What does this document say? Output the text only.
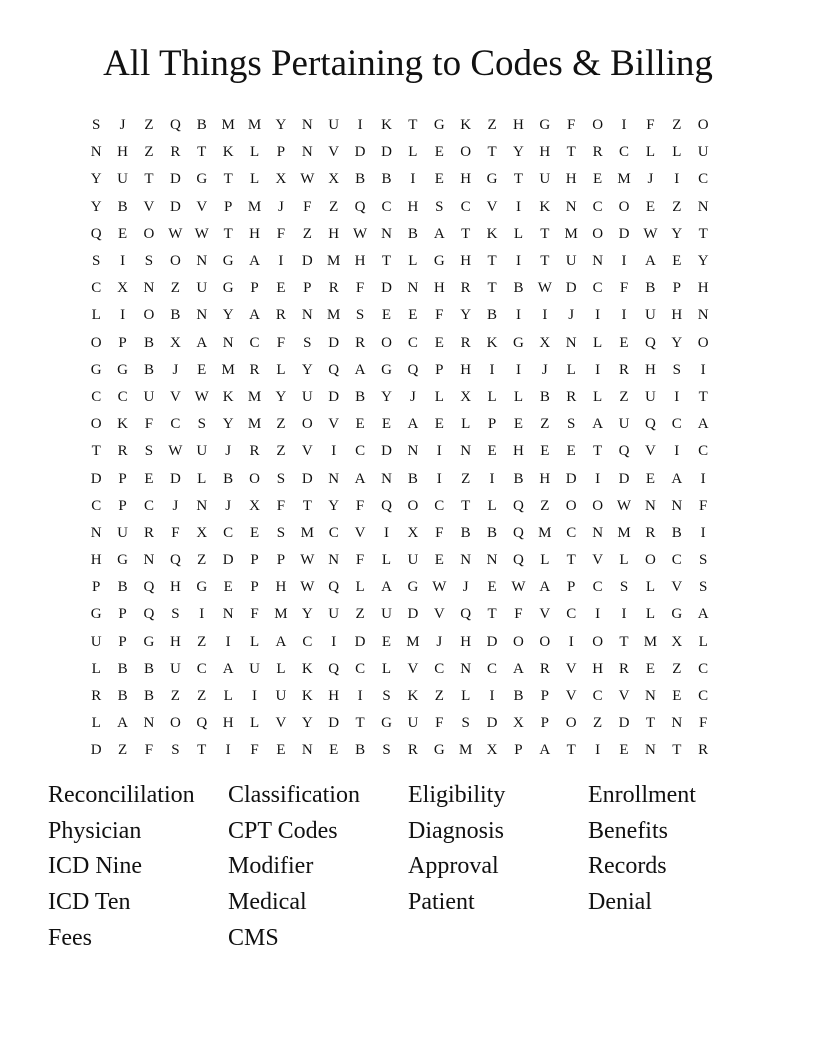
All Things Pertaining to Codes & Billing
S	J	Z	Q	B M M Y	N	U	I	K	T	G	K	Z	H	G	F	O	I	F	Z	O
N	H	Z	R	T	K	L	P	N	V	D	D	L	E	O	T	Y	H	T	R	C	L	L	U
Y	U	T	D	G	T	L	X W X	B	B	I	E	H	G	T	U	H	E	M	J	I	C
Y	B	V	D	V	P	M	J	F	Z	Q	C	H	S	C	V	I	K	N	C	O	E	Z	N
Q	E	O W W T	H	F	Z	H W N	B	A	T	K	L	T	M O	D W Y	T
S	I	S	O	N	G	A	I	D M H	T	L	G	H	T	I	T	U	N	I	A	E	Y
C	X	N	Z	U	G	P	E	P	R	F	D	N	H	R	T	B W D	C	F	B	P	H
L	I	O	B	N	Y	A	R	N M	S	E	E	F	Y	B	I	I	J	I	I	U	H	N
O	P	B	X	A	N	C	F	S	D	R	O	C	E	R	K	G	X	N	L	E	Q	Y	O
G	G	B	J	E	M R	L	Y	Q	A	G	Q	P	H	I	I	J	L	I	R	H	S	I
C	C	U	V W K M Y	U	D	B	Y	J	L	X	L	L	B	R	L	Z	U	I	T
O	K	F	C	S	Y M	Z	O	V	E	E	A	E	L	P	E	Z	S	A	U	Q	C	A
T	R	S	W U	J	R	Z	V	I	C	D	N	I	N	E	H	E	E	T	Q	V	I	C
D	P	E	D	L	B	O	S	D	N	A	N	B	I	Z	I	B	H	D	I	D	E	A	I
C	P	C	J	N	J	X	F	T	Y	F	Q	O	C	T	L	Q	Z	O	O W N	N	F
N	U	R	F	X	C	E	S	M C	V	I	X	F	B	B	Q M C	N M R	B	I
H	G	N	Q	Z	D	P	P	W N	F	L	U	E	N	N	Q	L	T	V	L	O	C	S
P	B	Q	H	G	E	P	H W Q	L	A	G W	J	E W A	P	C	S	L	V	S
G	P	Q	S	I	N	F	M Y	U	Z	U	D	V	Q	T	F	V	C	I	I	L	G	A
U	P	G	H	Z	I	L	A	C	I	D	E	M	J	H	D	O	O	I	O	T	M X	L
L	B	B	U	C	A	U	L	K	Q	C	L	V	C	N	C	A	R	V	H	R	E	Z	C
R	B	B	Z	Z	L	I	U	K	H	I	S	K	Z	L	I	B	P	V	C	V	N	E	C
L	A	N	O	Q	H	L	V	Y	D	T	G	U	F	S	D	X	P	O	Z	D	T	N	F
D	Z	F	S	T	I	F	E	N	E	B	S	R	G M X	P	A	T	I	E	N	T	R
Reconcililation	Classification	Eligibility	Enrollment
Physician	CPT Codes	Diagnosis	Benefits
ICD Nine	Modifier	Approval	Records
ICD Ten	Medical	Patient	Denial
Fees	CMS
